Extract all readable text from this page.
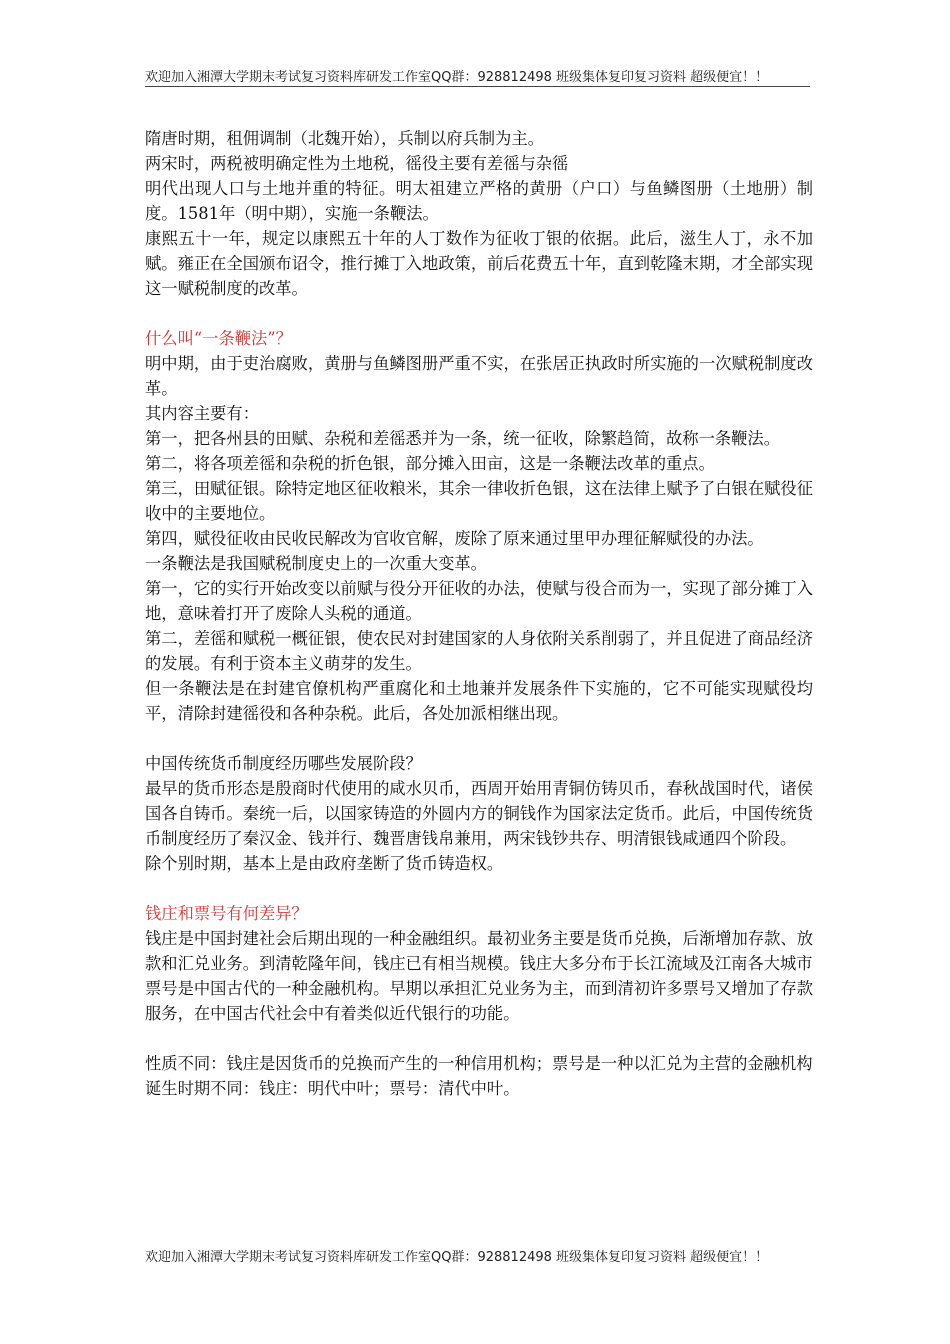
欢迎加入湘潭大学期末考试复习资料库研发工作室QQ群：928812498 班级集体复印复习资料 超级便宜！！

隋唐时期，租佣调制（北魏开始），兵制以府兵制为主。

两宋时，两税被明确定性为土地税，徭役主要有差徭与杂徭

明代出现人口与土地并重的特征。明太祖建立严格的黄册（户口）与鱼鳞图册（土地册）制度。1581年（明中期），实施一条鞭法。

康熙五十一年，规定以康熙五十年的人丁数作为征收丁银的依据。此后，滋生人丁，永不加赋。雍正在全国颁布诏令，推行摊丁入地政策，前后花费五十年，直到乾隆末期，才全部实现这一赋税制度的改革。

什么叫“一条鞭法”？

明中期，由于吏治腐败，黄册与鱼鳞图册严重不实，在张居正执政时所实施的一次赋税制度改革。

其内容主要有：

第一，把各州县的田赋、杂税和差徭悉并为一条，统一征收，除繁趋简，故称一条鞭法。

第二，将各项差徭和杂税的折色银，部分摊入田亩，这是一条鞭法改革的重点。

第三，田赋征银。除特定地区征收粮米，其余一律收折色银，这在法律上赋予了白银在赋役征收中的主要地位。

第四，赋役征收由民收民解改为官收官解，废除了原来通过里甲办理征解赋役的办法。

一条鞭法是我国赋税制度史上的一次重大变革。

第一，它的实行开始改变以前赋与役分开征收的办法，使赋与役合而为一，实现了部分摊丁入地，意味着打开了废除人头税的通道。

第二，差徭和赋税一概征银，使农民对封建国家的人身依附关系削弱了，并且促进了商品经济的发展。有利于资本主义萌芽的发生。

但一条鞭法是在封建官僚机构严重腐化和土地兼并发展条件下实施的，它不可能实现赋役均平，清除封建徭役和各种杂税。此后，各处加派相继出现。

中国传统货币制度经历哪些发展阶段？

最早的货币形态是殷商时代使用的咸水贝币，西周开始用青铜仿铸贝币，春秋战国时代，诸侯国各自铸币。秦统一后，以国家铸造的外圆内方的铜钱作为国家法定货币。此后，中国传统货币制度经历了秦汉金、钱并行、魏晋唐钱帛兼用，两宋钱钞共存、明清银钱咸通四个阶段。

除个别时期，基本上是由政府垄断了货币铸造权。

钱庄和票号有何差异？

钱庄是中国封建社会后期出现的一种金融组织。最初业务主要是货币兑换，后渐增加存款、放款和汇兑业务。到清乾隆年间，钱庄已有相当规模。钱庄大多分布于长江流域及江南各大城市

票号是中国古代的一种金融机构。早期以承担汇兑业务为主，而到清初许多票号又增加了存款服务，在中国古代社会中有着类似近代银行的功能。

性质不同：钱庄是因货币的兑换而产生的一种信用机构；票号是一种以汇兑为主营的金融机构

诞生时期不同：钱庄：明代中叶；票号：清代中叶。

欢迎加入湘潭大学期末考试复习资料库研发工作室QQ群：928812498 班级集体复印复习资料 超级便宜！！
